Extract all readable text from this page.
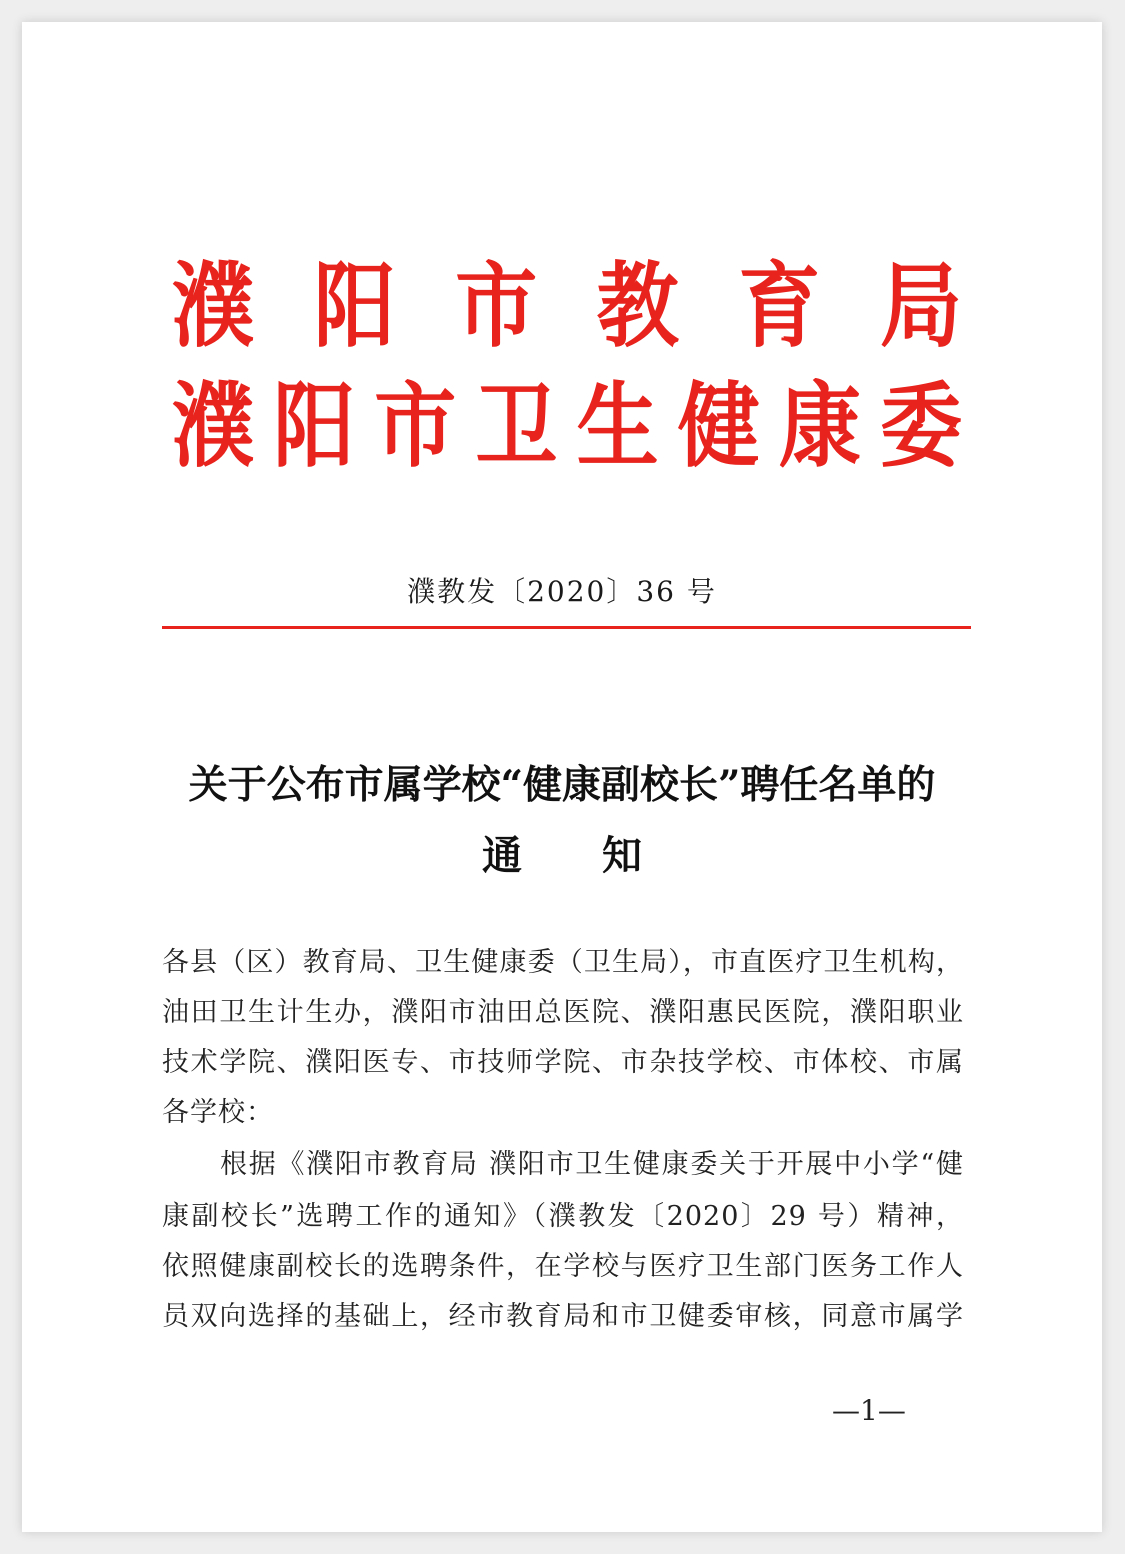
濮 阳 市 教 育 局
濮 阳 市 卫 生 健 康 委
濮教发〔2020〕36 号
关于公布市属学校“健康副校长”聘任名单的
通　　知
各县（区）教育局、卫生健康委（卫生局），市直医疗卫生机构，
油田卫生计生办，濮阳市油田总医院、濮阳惠民医院，濮阳职业
技术学院、濮阳医专、市技师学院、市杂技学校、市体校、市属
各学校：
根据《濮阳市教育局 濮阳市卫生健康委关于开展中小学“健
康副校长”选聘工作的通知》（濮教发〔2020〕29 号）精神，
依照健康副校长的选聘条件，在学校与医疗卫生部门医务工作人
员双向选择的基础上，经市教育局和市卫健委审核，同意市属学
—1—
